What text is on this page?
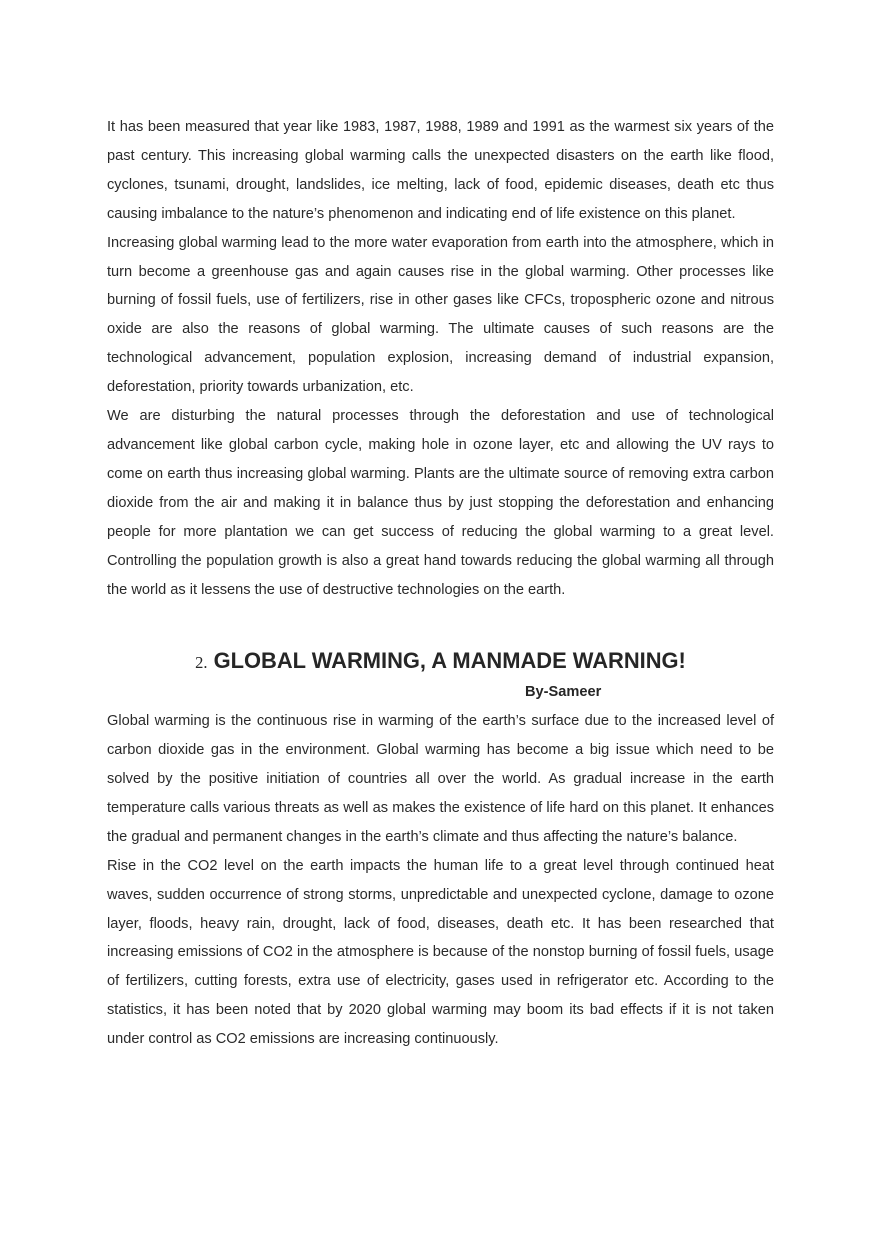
It has been measured that year like 1983, 1987, 1988, 1989 and 1991 as the warmest six years of the past century. This increasing global warming calls the unexpected disasters on the earth like flood, cyclones, tsunami, drought, landslides, ice melting, lack of food, epidemic diseases, death etc thus causing imbalance to the nature’s phenomenon and indicating end of life existence on this planet.

Increasing global warming lead to the more water evaporation from earth into the atmosphere, which in turn become a greenhouse gas and again causes rise in the global warming. Other processes like burning of fossil fuels, use of fertilizers, rise in other gases like CFCs, tropospheric ozone and nitrous oxide are also the reasons of global warming. The ultimate causes of such reasons are the technological advancement, population explosion, increasing demand of industrial expansion, deforestation, priority towards urbanization, etc.

We are disturbing the natural processes through the deforestation and use of technological advancement like global carbon cycle, making hole in ozone layer, etc and allowing the UV rays to come on earth thus increasing global warming. Plants are the ultimate source of removing extra carbon dioxide from the air and making it in balance thus by just stopping the deforestation and enhancing people for more plantation we can get success of reducing the global warming to a great level. Controlling the population growth is also a great hand towards reducing the global warming all through the world as it lessens the use of destructive technologies on the earth.

2. GLOBAL WARMING, A MANMADE WARNING!

By-Sameer

Global warming is the continuous rise in warming of the earth’s surface due to the increased level of carbon dioxide gas in the environment. Global warming has become a big issue which need to be solved by the positive initiation of countries all over the world. As gradual increase in the earth temperature calls various threats as well as makes the existence of life hard on this planet. It enhances the gradual and permanent changes in the earth’s climate and thus affecting the nature’s balance.

Rise in the CO2 level on the earth impacts the human life to a great level through continued heat waves, sudden occurrence of strong storms, unpredictable and unexpected cyclone, damage to ozone layer, floods, heavy rain, drought, lack of food, diseases, death etc. It has been researched that increasing emissions of CO2 in the atmosphere is because of the nonstop burning of fossil fuels, usage of fertilizers, cutting forests, extra use of electricity, gases used in refrigerator etc. According to the statistics, it has been noted that by 2020 global warming may boom its bad effects if it is not taken under control as CO2 emissions are increasing continuously.
